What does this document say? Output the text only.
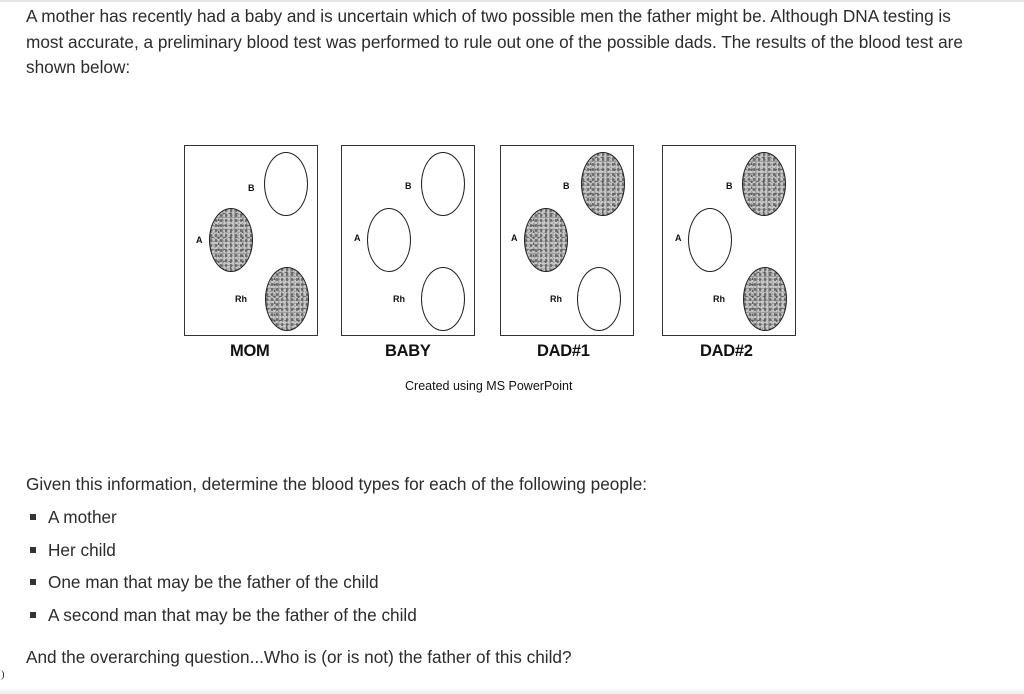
A mother has recently had a baby and is uncertain which of two possible men the father might be. Although DNA testing is most accurate, a preliminary blood test was performed to rule out one of the possible dads. The results of the blood test are shown below:
B
A
Rh
B
A
Rh
B
A
Rh
B
A
Rh
MOM	BABY	DAD#1	DAD#2
Created using MS PowerPoint
Given this information, determine the blood types for each of the following people:
A mother
Her child
One man that may be the father of the child
A second man that may be the father of the child
And the overarching question...Who is (or is not) the father of this child?
